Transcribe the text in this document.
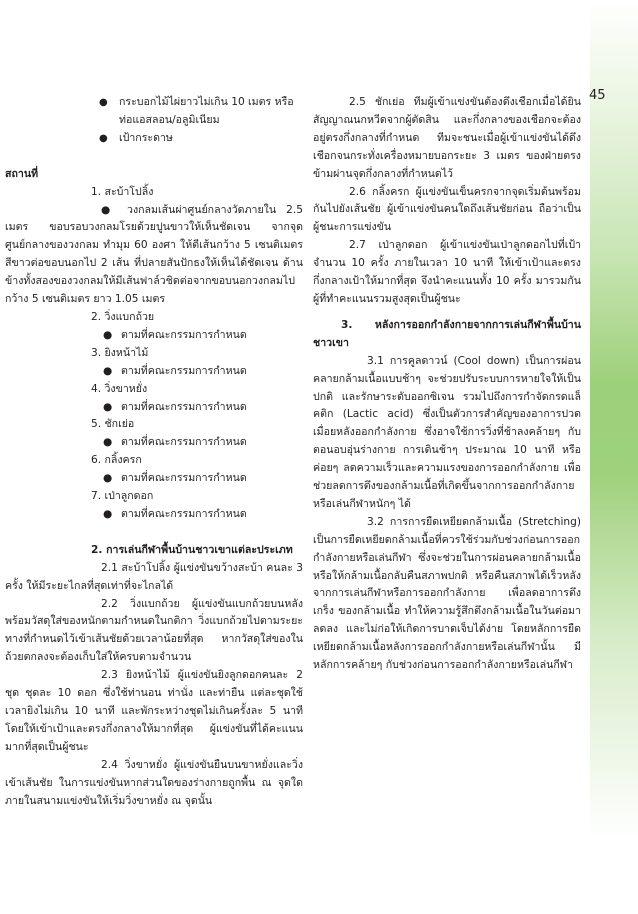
45

● กระบอกไม้ไผ่ยาวไม่เกิน 10 เมตร หรือ

ท่อแอสลอน/อลูมิเนียม

● เป้ากระดาษ

สถานที่

1. สะบ้าโปลิ้ง

● วงกลมเส้นผ่าศูนย์กลางวัดภายใน 2.5 เมตร ขอบรอบวงกลมโรยด้วยปูนขาวให้เห็นชัดเจน จากจุด ศูนย์กลางของวงกลม ทำมุม 60 องศา ให้ตีเส้นกว้าง 5 เซนติเมตร สีขาวต่อขอบนอกไป 2 เส้น ที่ปลายสันปักธงให้เห็นได้ชัดเจน ด้านข้างทั้งสองของวงกลมให้มีเส้นฟาล์วชิดต่อจากขอบนอกวงกลมไปกว้าง 5 เซนติเมตร ยาว 1.05 เมตร

2. วิ่งแบกถ้วย

● ตามที่คณะกรรมการกำหนด

3. ยิงหน้าไม้

● ตามที่คณะกรรมการกำหนด

4. วิ่งขาหยั่ง

● ตามที่คณะกรรมการกำหนด

5. ชักเย่อ

● ตามที่คณะกรรมการกำหนด

6. กลิ้งครก

● ตามที่คณะกรรมการกำหนด

7. เป่าลูกดอก

● ตามที่คณะกรรมการกำหนด

2. การเล่นกีฬาพื้นบ้านชาวเขาแต่ละประเภท

2.1 สะบ้าโปลิ้ง ผู้แข่งขันขว้างสะบ้า คนละ 3 ครั้ง ให้มีระยะไกลที่สุดเท่าที่จะไกลได้

2.2 วิ่งแบกถ้วย ผู้แข่งขันแบกถ้วยบนหลังพร้อมวัสดุใส่ของหนักตามกำหนดในกติกา วิ่งแบกถ้วยไปตามระยะทางที่กำหนดไว้เข้าเส้นชัยด้วยเวลาน้อยที่สุด หากวัสดุใส่ของในถ้วยตกลงจะต้องเก็บใส่ให้ครบตามจำนวน

2.3 ยิงหน้าไม้ ผู้แข่งขันยิงลูกดอกคนละ 2 ชุด ชุดละ 10 ดอก ซึ่งใช้ท่านอน ท่านั่ง และท่ายืน แต่ละชุดใช้เวลายิงไม่เกิน 10 นาที และพักระหว่างชุดไม่เกินครั้งละ 5 นาที โดยให้เข้าเป้าและตรงกึ่งกลางให้มากที่สุด ผู้แข่งขันที่ได้คะแนนมากที่สุดเป็นผู้ชนะ

2.4 วิ่งขาหยั่ง ผู้แข่งขันยืนบนขาหยั่งและวิ่งเข้าเส้นชัย ในการแข่งขันหากส่วนใดของร่างกายถูกพื้น ณ จุดใดภายในสนามแข่งขันให้เริ่มวิ่งขาหยั่ง ณ จุดนั้น

2.5 ชักเย่อ ทีมผู้เข้าแข่งขันต้องดึงเชือกเมื่อได้ยินสัญญาณนกหวีดจากผู้ตัดสิน และกึ่งกลางของเชือกจะต้องอยู่ตรงกึ่งกลางที่กำหนด ทีมจะชนะเมื่อผู้เข้าแข่งขันได้ดึงเชือกจนกระทั่งเครื่องหมายบอกระยะ 3 เมตร ของฝ่ายตรงข้ามผ่านจุดกึ่งกลางที่กำหนดไว้

2.6 กลิ้งครก ผู้แข่งขันเข็นครกจากจุดเริ่มต้นพร้อมกันไปยังเส้นชัย ผู้เข้าแข่งขันคนใดถึงเส้นชัยก่อน ถือว่าเป็นผู้ชนะการแข่งขัน

2.7 เป่าลูกดอก ผู้เข้าแข่งขันเป่าลูกดอกไปที่เป้าจำนวน 10 ครั้ง ภายในเวลา 10 นาที ให้เข้าเป้าและตรงกึ่งกลางเป้าให้มากที่สุด จึงนำคะแนนทั้ง 10 ครั้ง มารวมกัน ผู้ที่ทำคะแนนรวมสูงสุดเป็นผู้ชนะ

3. หลังการออกกำลังกายจากการเล่นกีฬาพื้นบ้านชาวเขา

3.1 การคูลดาวน์ (Cool down) เป็นการผ่อนคลายกล้ามเนื้อแบบช้าๆ จะช่วยปรับระบบการหายใจให้เป็นปกติ และรักษาระดับออกซิเจน รวมไปถึงการกำจัดกรดแล็คติก (Lactic acid) ซึ่งเป็นตัวการสำคัญของอาการปวดเมื่อยหลังออกกำลังกาย ซึ่งอาจใช้การวิ่งที่ช้าลงคล้ายๆ กับตอนอบอุ่นร่างกาย การเดินช้าๆ ประมาณ 10 นาที หรือค่อยๆ ลดความเร็วและความแรงของการออกกำลังกาย เพื่อช่วยลดการตึงของกล้ามเนื้อที่เกิดขึ้นจากการออกกำลังกายหรือเล่นกีฬาหนักๆ ได้

3.2 การการยืดเหยียดกล้ามเนื้อ (Stretching) เป็นการยืดเหยียดกล้ามเนื้อที่ควรใช้ร่วมกับช่วงก่อนการออกกำลังกายหรือเล่นกีฬา ซึ่งจะช่วยในการผ่อนคลายกล้ามเนื้อ หรือให้กล้ามเนื้อกลับคืนสภาพปกติ หรือคืนสภาพได้เร็วหลังจากการเล่นกีฬาหรือการออกกำลังกาย เพื่อลดอาการตึง เกร็ง ของกล้ามเนื้อ ทำให้ความรู้สึกตึงกล้ามเนื้อในวันต่อมาลดลง และไม่ก่อให้เกิดการบาดเจ็บได้ง่าย โดยหลักการยืดเหยียดกล้ามเนื้อหลังการออกกำลังกายหรือเล่นกีฬานั้น มีหลักการคล้ายๆ กับช่วงก่อนการออกกำลังกายหรือเล่นกีฬา
